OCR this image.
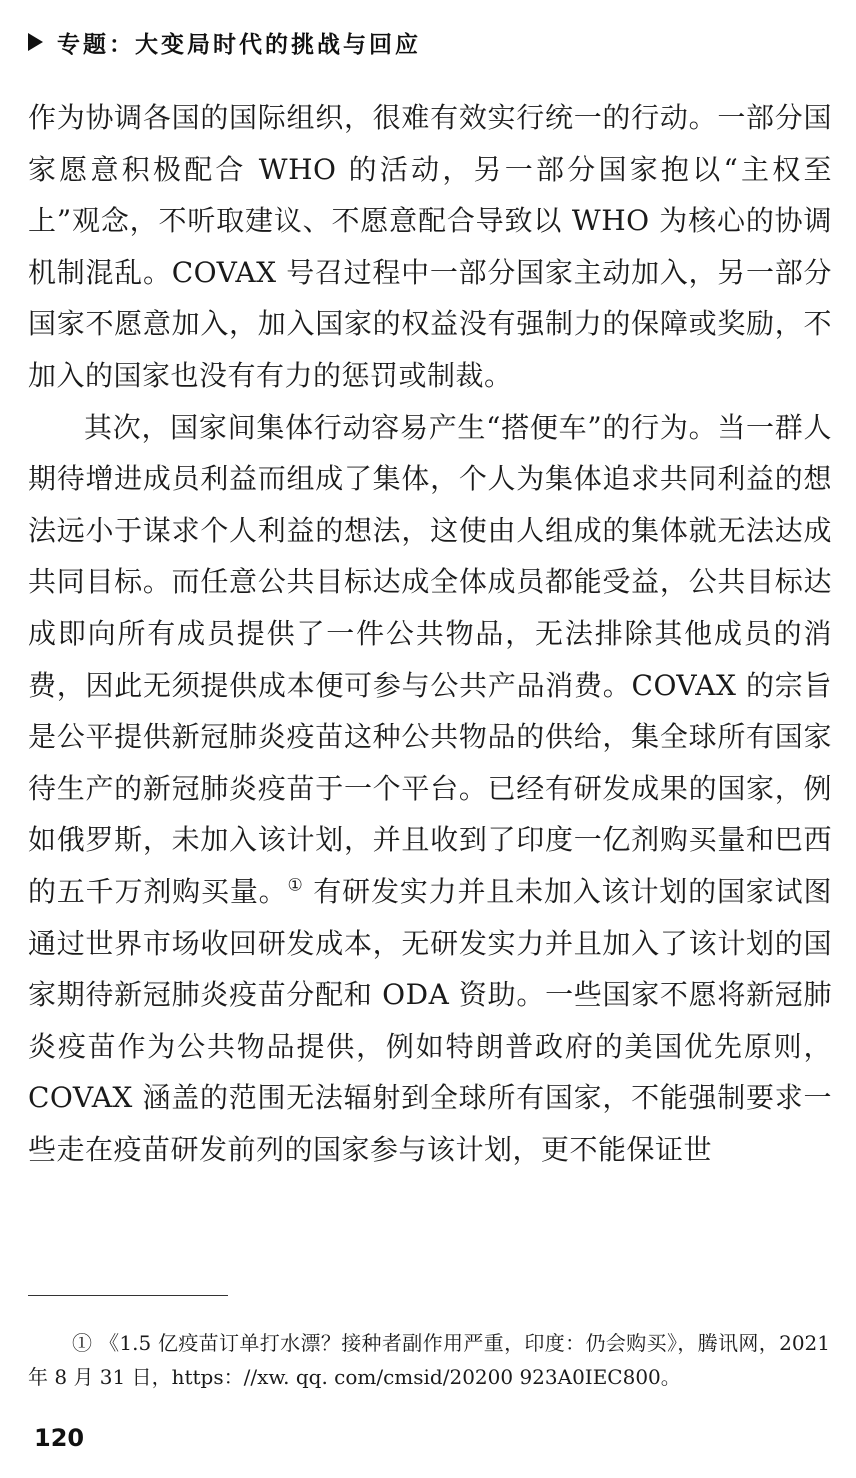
专题：大变局时代的挑战与回应

作为协调各国的国际组织，很难有效实行统一的行动。一部分国家愿意积极配合 WHO 的活动，另一部分国家抱以“主权至上”观念，不听取建议、不愿意配合导致以 WHO 为核心的协调机制混乱。COVAX 号召过程中一部分国家主动加入，另一部分国家不愿意加入，加入国家的权益没有强制力的保障或奖励，不加入的国家也没有有力的惩罚或制裁。

其次，国家间集体行动容易产生“搭便车”的行为。当一群人期待增进成员利益而组成了集体，个人为集体追求共同利益的想法远小于谋求个人利益的想法，这使由人组成的集体就无法达成共同目标。而任意公共目标达成全体成员都能受益，公共目标达成即向所有成员提供了一件公共物品，无法排除其他成员的消费，因此无须提供成本便可参与公共产品消费。COVAX 的宗旨是公平提供新冠肺炎疫苗这种公共物品的供给，集全球所有国家待生产的新冠肺炎疫苗于一个平台。已经有研发成果的国家，例如俄罗斯，未加入该计划，并且收到了印度一亿剂购买量和巴西的五千万剂购买量。① 有研发实力并且未加入该计划的国家试图通过世界市场收回研发成本，无研发实力并且加入了该计划的国家期待新冠肺炎疫苗分配和 ODA 资助。一些国家不愿将新冠肺炎疫苗作为公共物品提供，例如特朗普政府的美国优先原则，COVAX 涵盖的范围无法辐射到全球所有国家，不能强制要求一些走在疫苗研发前列的国家参与该计划，更不能保证世

① 《1.5 亿疫苗订单打水漂？接种者副作用严重，印度：仍会购买》，腾讯网，2021 年 8 月 31 日，https：//xw. qq. com/cmsid/20200 923A0IEC800。
120
